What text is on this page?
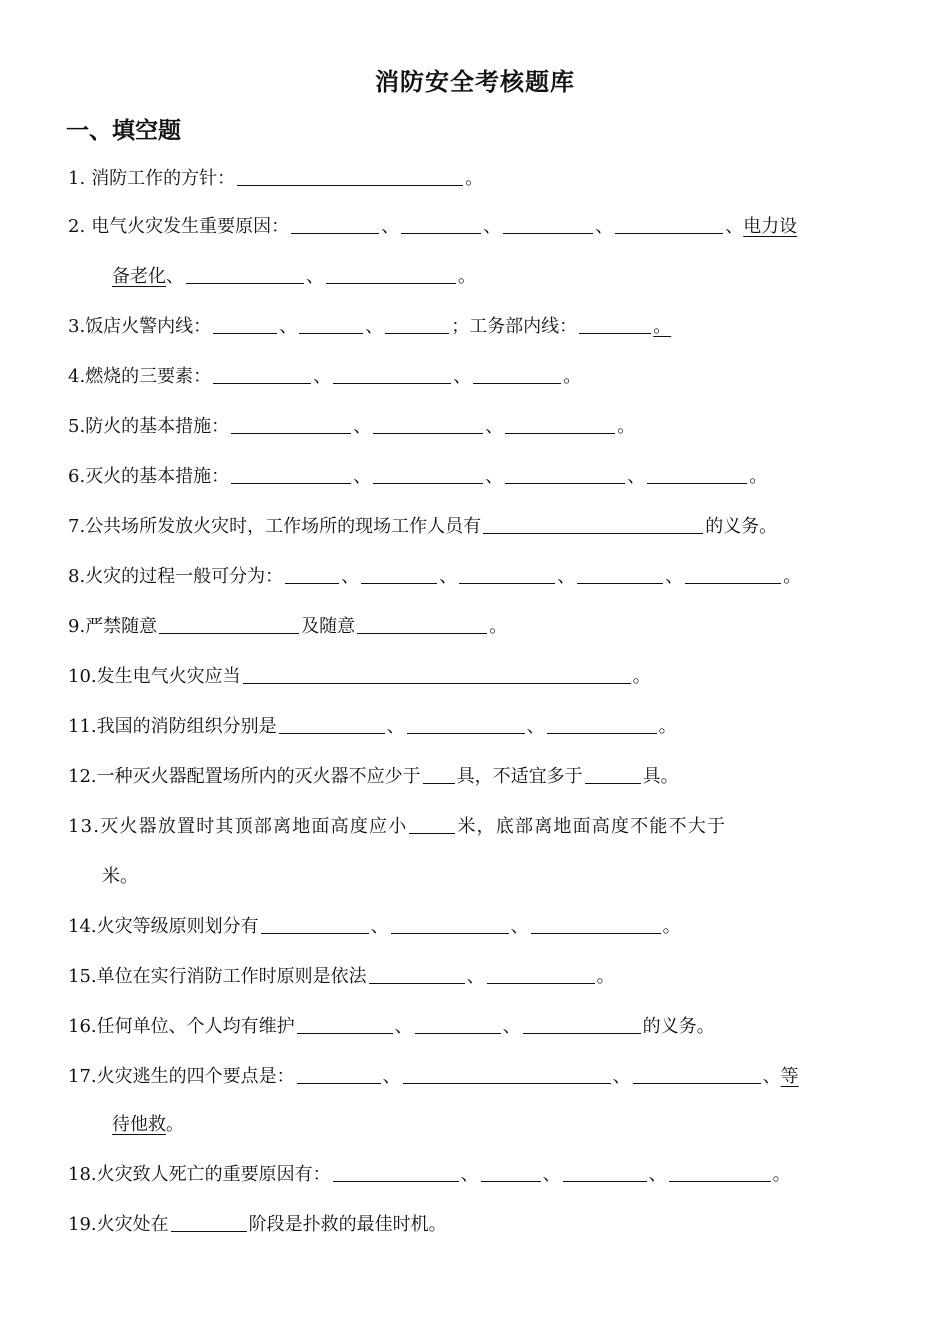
消防安全考核题库
一、填空题
1. 消防工作的方针：	。
2. 电气火灾发生重要原因：	、	、	、	、电力设
备老化、	、	。
3.饭店火警内线：	、	、	；工务部内线：	。
4.燃烧的三要素：	、	、	。
5.防火的基本措施：	、	、	。
6.灭火的基本措施：	、	、	、	。
7.公共场所发放火灾时，工作场所的现场工作人员有	的义务。
8.火灾的过程一般可分为：	、	、	、	、	。
9.严禁随意	及随意	。
10.发生电气火灾应当	。
11.我国的消防组织分别是	、	、	。
12.一种灭火器配置场所内的灭火器不应少于 具，不适宜多于	具。
13.灭火器放置时其顶部离地面高度应小	米，底部离地面高度不能不大于
米。
14.火灾等级原则划分有	、	、	。
15.单位在实行消防工作时原则是依法	、	。
16.任何单位、个人均有维护	、	、	的义务。
17.火灾逃生的四个要点是：	、	、	、等
待他救。
18.火灾致人死亡的重要原因有：	、	、	、	。
19.火灾处在	阶段是扑救的最佳时机。
